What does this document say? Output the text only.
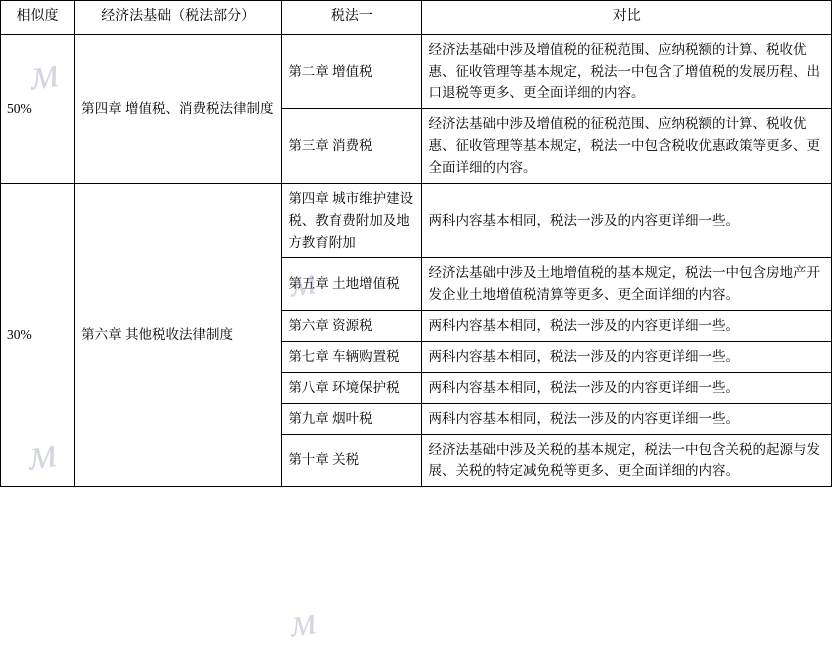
相似度	经济法基础（税法部分）	税法一	对比
50%	第四章 增值税、消费税法律制度	第二章 增值税	经济法基础中涉及增值税的征税范围、应纳税额的计算、税收优惠、征收管理等基本规定，税法一中包含了增值税的发展历程、出口退税等更多、更全面详细的内容。
		第三章 消费税	经济法基础中涉及增值税的征税范围、应纳税额的计算、税收优惠、征收管理等基本规定，税法一中包含税收优惠政策等更多、更全面详细的内容。
30%	第六章 其他税收法律制度	第四章 城市维护建设税、教育费附加及地方教育附加	两科内容基本相同，税法一涉及的内容更详细一些。
		第五章 土地增值税	经济法基础中涉及土地增值税的基本规定，税法一中包含房地产开发企业土地增值税清算等更多、更全面详细的内容。
		第六章 资源税	两科内容基本相同，税法一涉及的内容更详细一些。
		第七章 车辆购置税	两科内容基本相同，税法一涉及的内容更详细一些。
		第八章 环境保护税	两科内容基本相同，税法一涉及的内容更详细一些。
		第九章 烟叶税	两科内容基本相同，税法一涉及的内容更详细一些。
		第十章 关税	经济法基础中涉及关税的基本规定，税法一中包含关税的起源与发展、关税的特定减免税等更多、更全面详细的内容。
м
м
м
м
